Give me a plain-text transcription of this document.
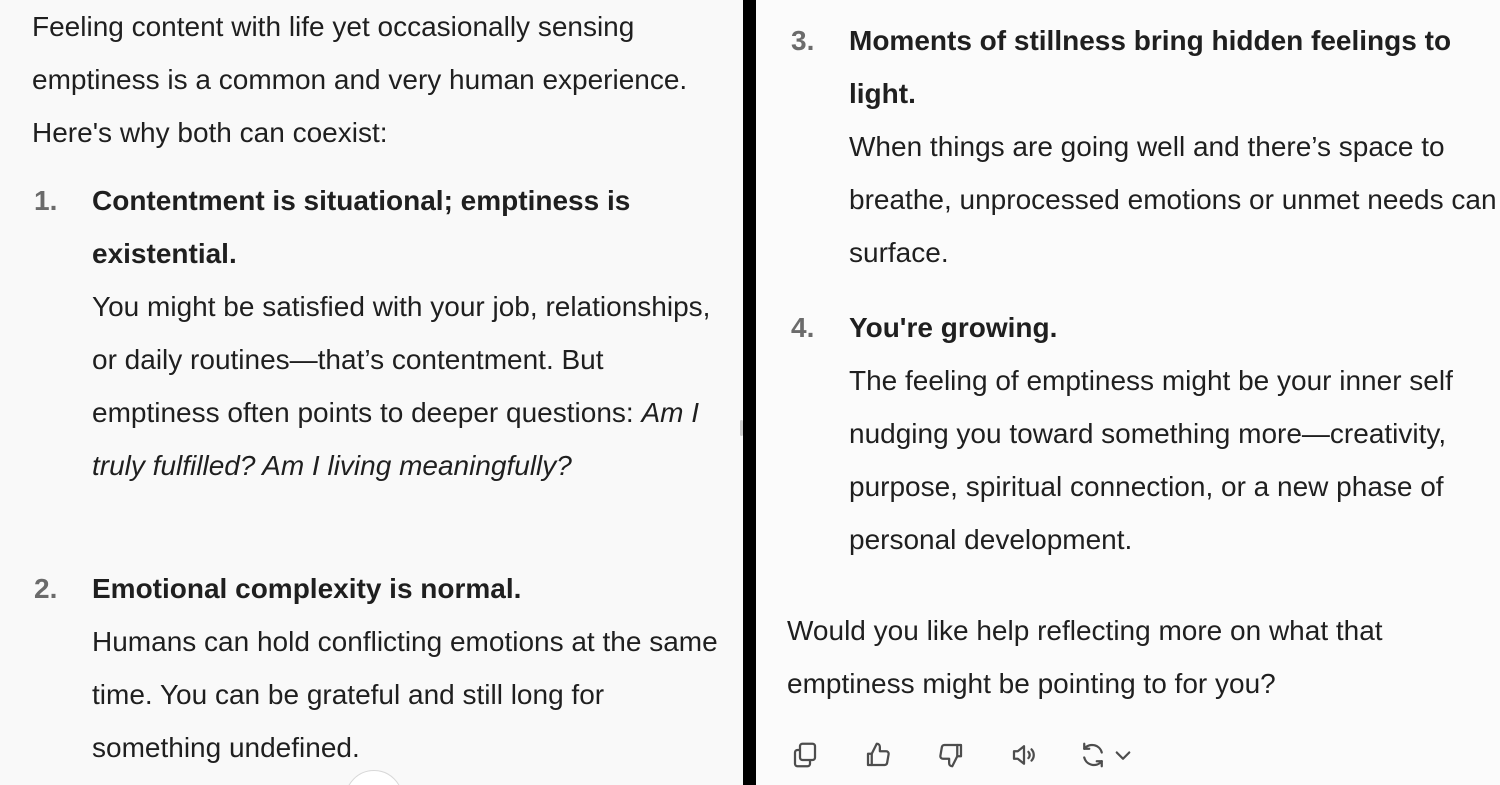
Feeling content with life yet occasionally sensing emptiness is a common and very human experience. Here's why both can coexist:

1. Contentment is situational; emptiness is existential.
You might be satisfied with your job, relationships, or daily routines—that’s contentment. But emptiness often points to deeper questions: Am I truly fulfilled? Am I living meaningfully?
2. Emotional complexity is normal.
Humans can hold conflicting emotions at the same time. You can be grateful and still long for something undefined.
3. Moments of stillness bring hidden feelings to light.
When things are going well and there’s space to breathe, unprocessed emotions or unmet needs can surface.
4. You're growing.
The feeling of emptiness might be your inner self nudging you toward something more—creativity, purpose, spiritual connection, or a new phase of personal development.

Would you like help reflecting more on what that emptiness might be pointing to for you?
